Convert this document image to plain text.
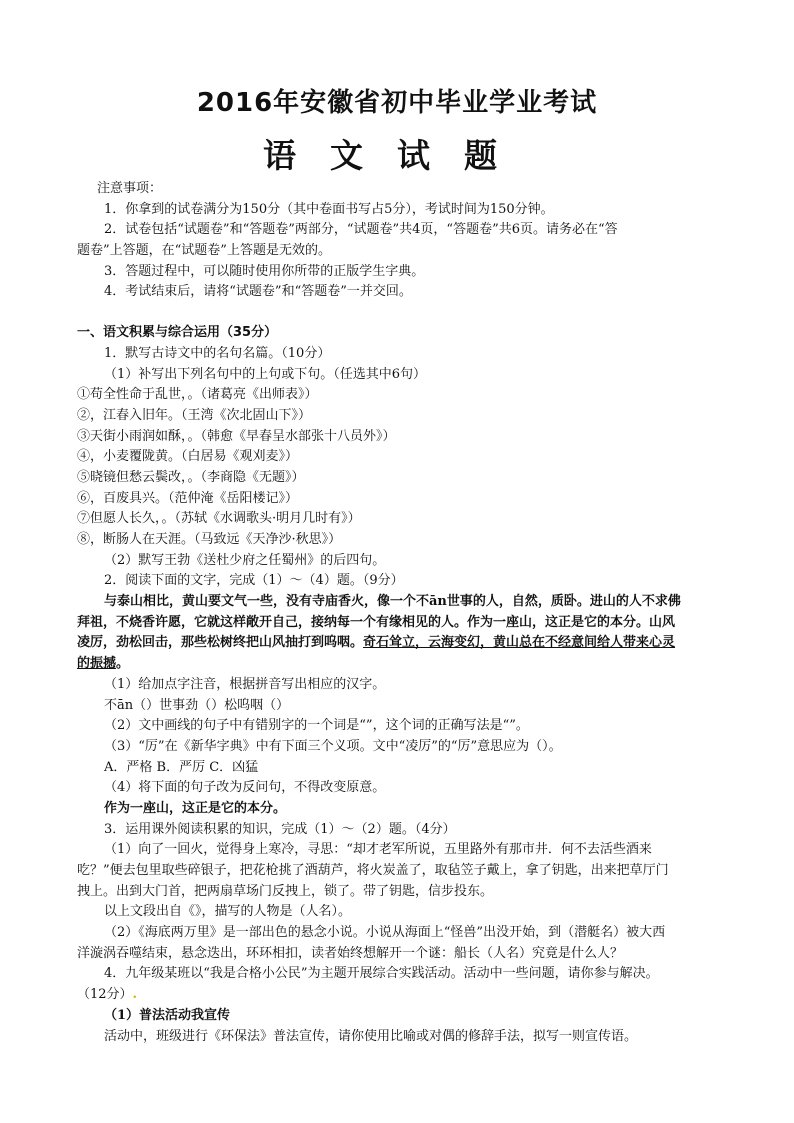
2016年安徽省初中毕业学业考试
语文试题
注意事项：
1．你拿到的试卷满分为150分（其中卷面书写占5分），考试时间为150分钟。
2．试卷包括“试题卷”和“答题卷”两部分，“试题卷”共4页，“答题卷”共6页。请务必在“答
题卷”上答题，在“试题卷”上答题是无效的。
3．答题过程中，可以随时使用你所带的正版学生字典。
4．考试结束后，请将“试题卷”和“答题卷”一并交回。
一、语文积累与综合运用（35分）
1．默写古诗文中的名句名篇。（10分）
（1）补写出下列名句中的上句或下句。（任选其中6句）
①苟全性命于乱世，。（诸葛亮《出师表》）
②，江春入旧年。（王湾《次北固山下》）
③天街小雨润如酥，。（韩愈《早春呈水部张十八员外》）
④，小麦覆陇黄。（白居易《观刈麦》）
⑤晓镜但愁云鬓改，。（李商隐《无题》）
⑥，百废具兴。（范仲淹《岳阳楼记》）
⑦但愿人长久，。（苏轼《水调歌头·明月几时有》）
⑧，断肠人在天涯。（马致远《天净沙·秋思》）
（2）默写王勃《送杜少府之任蜀州》的后四句。
2．阅读下面的文字，完成（1）～（4）题。（9分）
与泰山相比，黄山要文气一些，没有寺庙香火，像一个不ān世事的人，自然，质卧。进山的人不求佛
拜祖，不烧香许愿，它就这样敞开自己，接纳每一个有缘相见的人。作为一座山，这正是它的本分。山风
凌厉，劲松回击，那些松树终把山风抽打到呜咽。奇石耸立，云海变幻，黄山总在不经意间给人带来心灵
的振撼。
（1）给加点字注音，根据拼音写出相应的汉字。
不ān（）世事劲（）松呜咽（）
（2）文中画线的句子中有错别字的一个词是“”，这个词的正确写法是“”。
（3）“厉”在《新华字典》中有下面三个义项。文中“凌厉”的“厉”意思应为（）。
A．严格 B．严厉 C．凶猛
（4）将下面的句子改为反问句，不得改变原意。
作为一座山，这正是它的本分。
3．运用课外阅读积累的知识，完成（1）～（2）题。（4分）
（1）向了一回火，觉得身上寒冷，寻思：“却才老军所说，五里路外有那市井．何不去活些酒来
吃？”便去包里取些碎银子，把花枪挑了酒葫芦，将火炭盖了，取毡笠子戴上，拿了钥匙，出来把草厅门
拽上。出到大门首，把两扇草场门反拽上，锁了。带了钥匙，信步投东。
以上文段出自《》，描写的人物是（人名）。
（2）《海底两万里》是一部出色的悬念小说。小说从海面上“怪兽”出没开始，到（潜艇名）被大西
洋漩涡吞噬结束，悬念迭出，环环相扣，读者始终想解开一个谜：船长（人名）究竟是什么人？
4．九年级某班以“我是合格小公民”为主题开展综合实践活动。活动中一些问题，请你参与解决。
（12分）.
（1）普法活动我宣传
活动中，班级进行《环保法》普法宣传，请你使用比喻或对偶的修辞手法，拟写一则宣传语。
